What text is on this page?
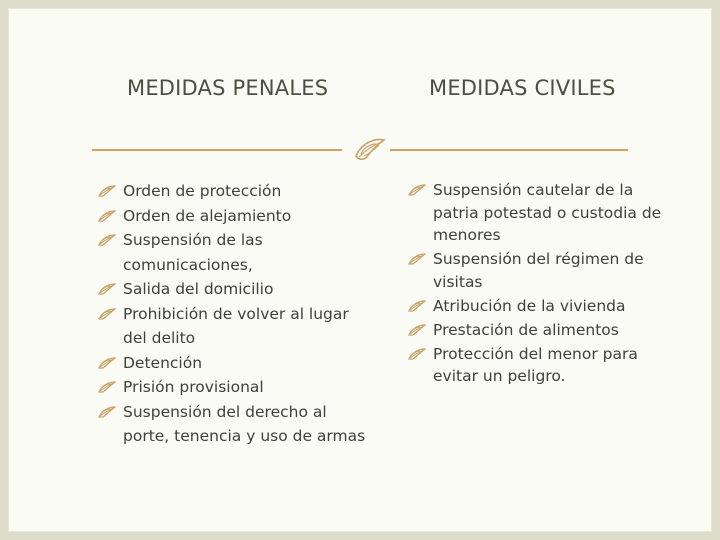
MEDIDAS PENALES	MEDIDAS CIVILES
Orden de protección
Orden de alejamiento
Suspensión de las comunicaciones,
Salida del domicilio
Prohibición de volver al lugar del delito
Detención
Prisión provisional
Suspensión del derecho al porte, tenencia y uso de armas
Suspensión cautelar de la patria potestad o custodia de menores
Suspensión del régimen de visitas
Atribución de la vivienda
Prestación de alimentos
Protección del menor para evitar un peligro.
